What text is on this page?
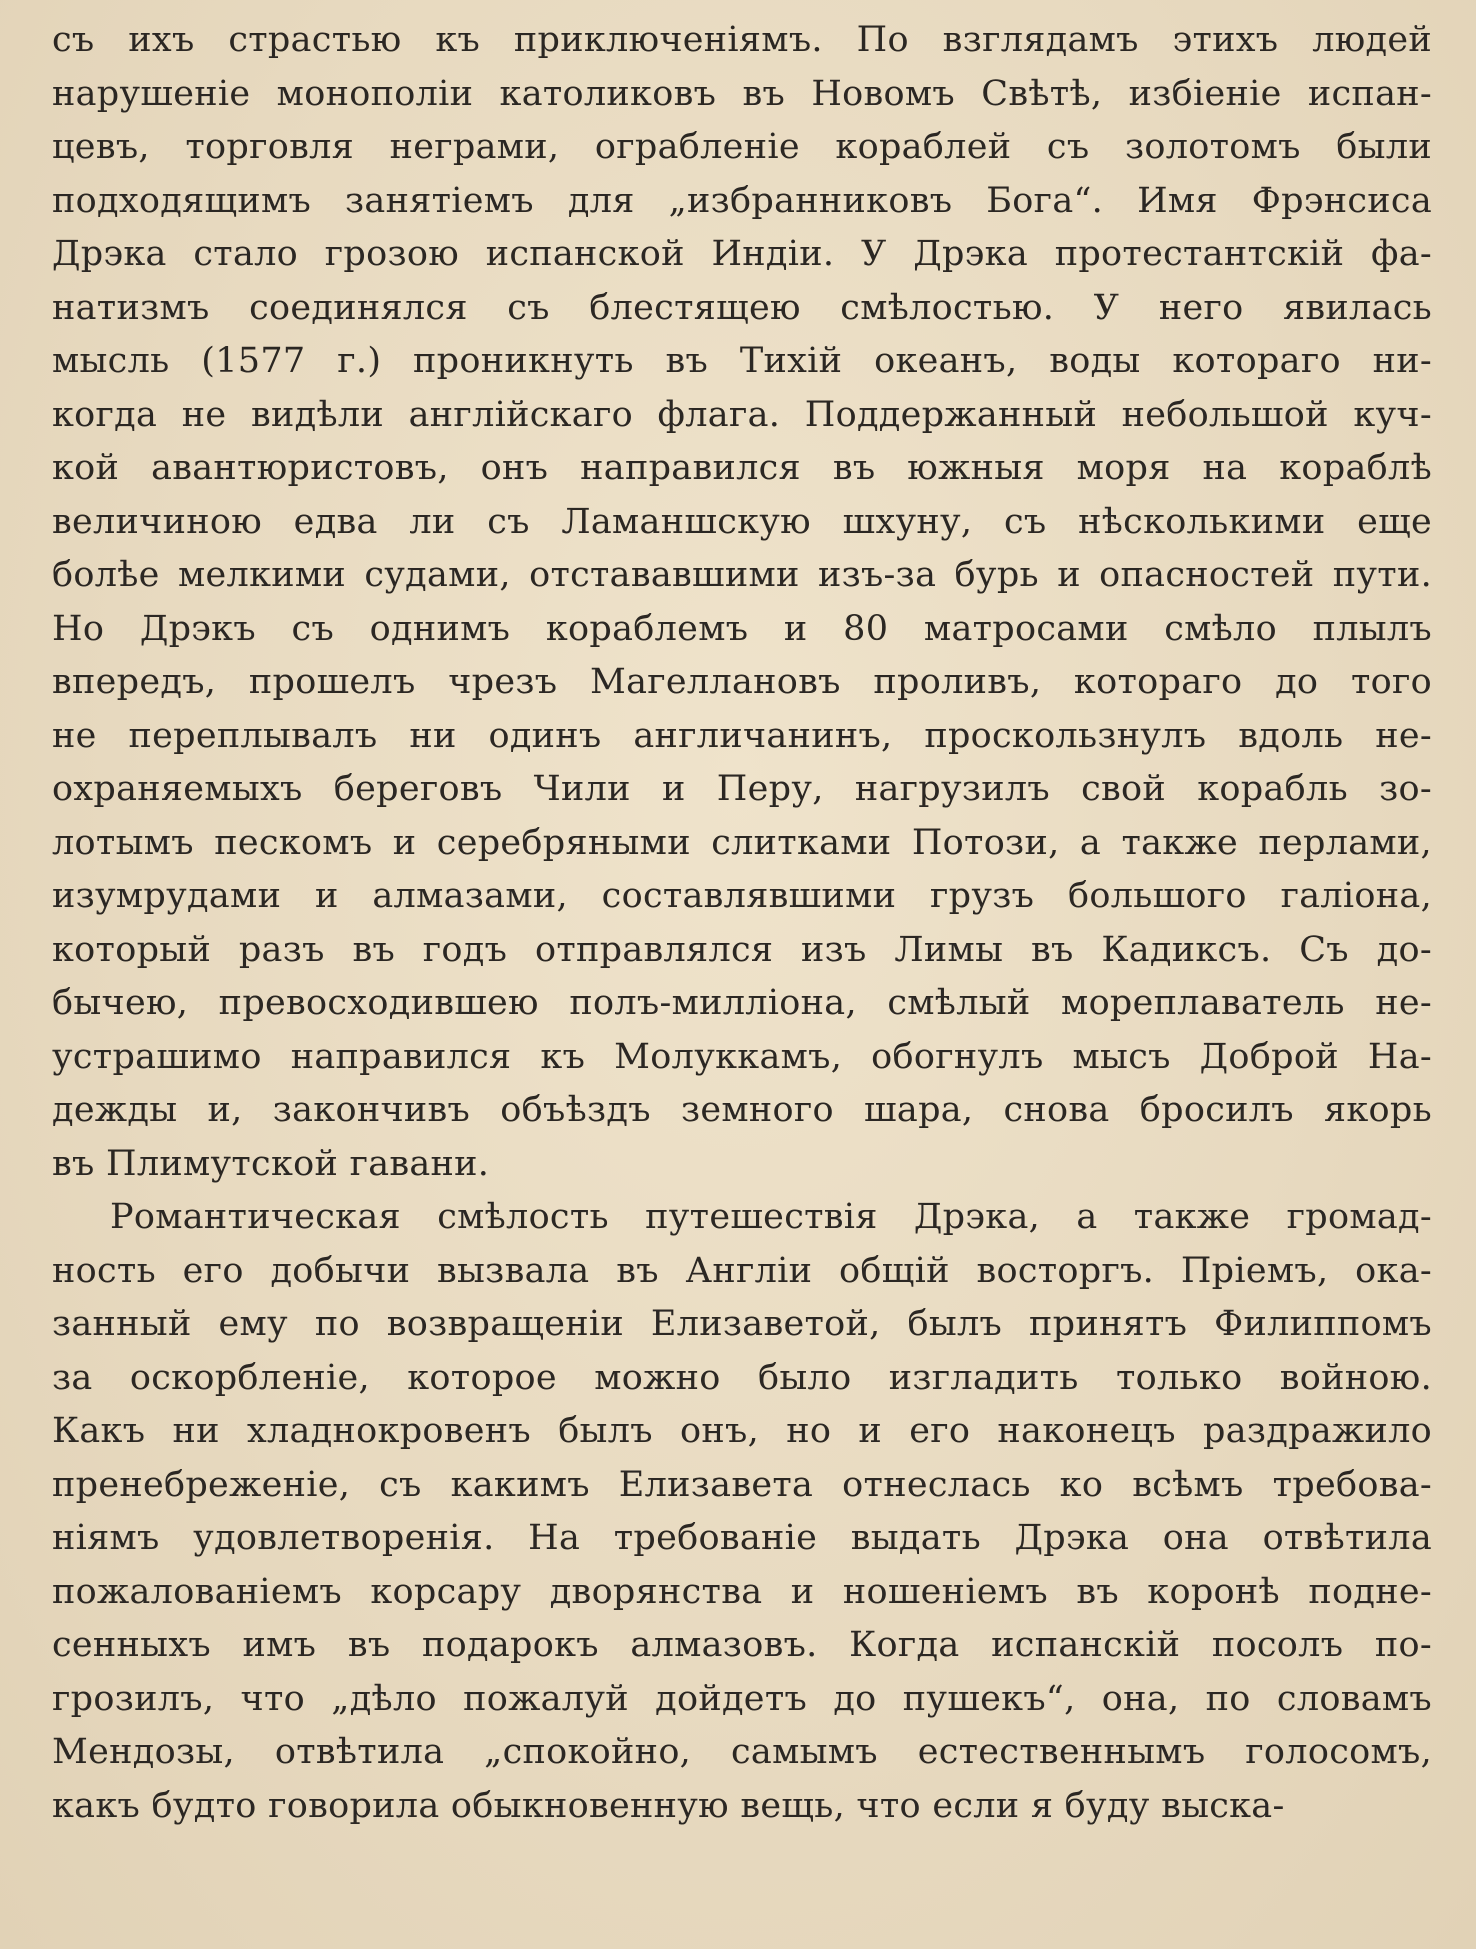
съ ихъ страстью къ приключеніямъ. По взглядамъ этихъ людей
нарушеніе монополіи католиковъ въ Новомъ Свѣтѣ, избіеніе испан-
цевъ, торговля неграми, ограбленіе кораблей съ золотомъ были
подходящимъ занятіемъ для „избранниковъ Бога“. Имя Фрэнсиса
Дрэка стало грозою испанской Индіи. У Дрэка протестантскій фа-
натизмъ соединялся съ блестящею смѣлостью. У него явилась
мысль (1577 г.) проникнуть въ Тихій океанъ, воды котораго ни-
когда не видѣли англійскаго флага. Поддержанный небольшой куч-
кой авантюристовъ, онъ направился въ южныя моря на кораблѣ
величиною едва ли съ Ламаншскую шхуну, съ нѣсколькими еще
болѣе мелкими судами, отстававшими изъ-за бурь и опасностей пути.
Но Дрэкъ съ однимъ кораблемъ и 80 матросами смѣло плылъ
впередъ, прошелъ чрезъ Магеллановъ проливъ, котораго до того
не переплывалъ ни одинъ англичанинъ, проскользнулъ вдоль не-
охраняемыхъ береговъ Чили и Перу, нагрузилъ свой корабль зо-
лотымъ пескомъ и серебряными слитками Потози, а также перлами,
изумрудами и алмазами, составлявшими грузъ большого галіона,
который разъ въ годъ отправлялся изъ Лимы въ Кадиксъ. Съ до-
бычею, превосходившею полъ-милліона, смѣлый мореплаватель не-
устрашимо направился къ Молуккамъ, обогнулъ мысъ Доброй На-
дежды и, закончивъ объѣздъ земного шара, снова бросилъ якорь
въ Плимутской гавани.
Романтическая смѣлость путешествія Дрэка, а также громад-
ность его добычи вызвала въ Англіи общій восторгъ. Пріемъ, ока-
занный ему по возвращеніи Елизаветой, былъ принятъ Филиппомъ
за оскорбленіе, которое можно было изгладить только войною.
Какъ ни хладнокровенъ былъ онъ, но и его наконецъ раздражило
пренебреженіе, съ какимъ Елизавета отнеслась ко всѣмъ требова-
ніямъ удовлетворенія. На требованіе выдать Дрэка она отвѣтила
пожалованіемъ корсару дворянства и ношеніемъ въ коронѣ подне-
сенныхъ имъ въ подарокъ алмазовъ. Когда испанскій посолъ по-
грозилъ, что „дѣло пожалуй дойдетъ до пушекъ“, она, по словамъ
Мендозы, отвѣтила „спокойно, самымъ естественнымъ голосомъ,
какъ будто говорила обыкновенную вещь, что если я буду выска-
